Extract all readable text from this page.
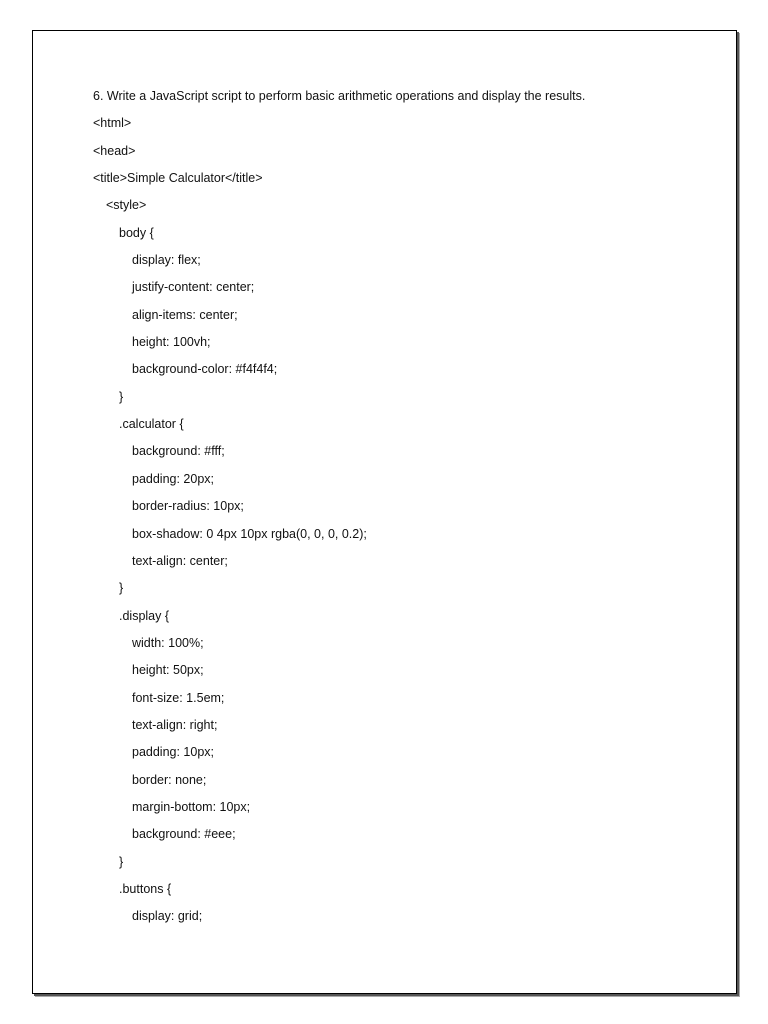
6. Write a JavaScript script to perform basic arithmetic operations and display the results.
<html>
<head>
<title>Simple Calculator</title>
<style>
body {
display: flex;
justify-content: center;
align-items: center;
height: 100vh;
background-color: #f4f4f4;
}
.calculator {
background: #fff;
padding: 20px;
border-radius: 10px;
box-shadow: 0 4px 10px rgba(0, 0, 0, 0.2);
text-align: center;
}
.display {
width: 100%;
height: 50px;
font-size: 1.5em;
text-align: right;
padding: 10px;
border: none;
margin-bottom: 10px;
background: #eee;
}
.buttons {
display: grid;
